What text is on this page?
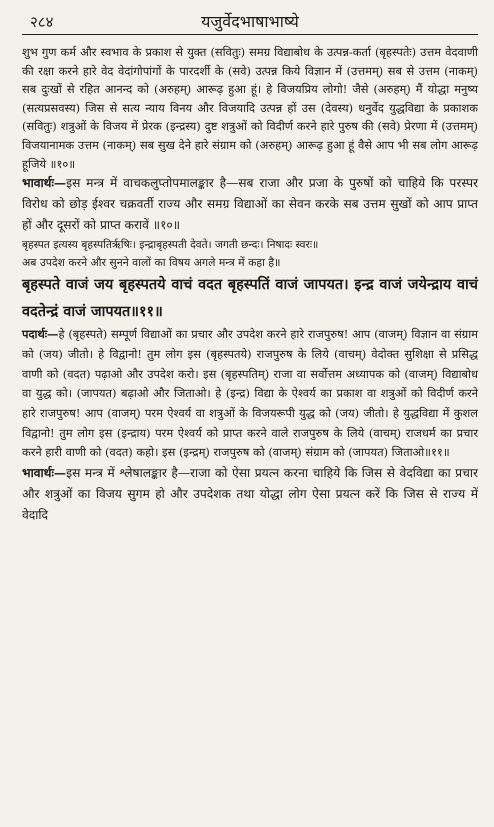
२८४	यजुर्वेदभाषाभाष्ये

शुभ गुण कर्म और स्वभाव के प्रकाश से युक्त (सवितुः) समग्र विद्याबोध के उत्पन्न-कर्ता (बृहस्पतेः) उत्तम वेदवाणी की रक्षा करने हारे वेद वेदांगोपांगों के पारदर्शी के (सवे) उत्पन्न किये विज्ञान में (उत्तमम्) सब से उत्तम (नाकम्) सब दुःखों से रहित आनन्द को (अरुहम्) आरूढ़ हुआ हूं। हे विजयप्रिय लोगो! जैसे (अरुहम्) मैं योद्धा मनुष्य (सत्यप्रसवस्य) जिस से सत्य न्याय विनय और विजयादि उत्पन्न हों उस (देवस्य) धनुर्वेद युद्धविद्या के प्रकाशक (सवितुः) शत्रुओं के विजय में प्रेरक (इन्द्रस्य) दुष्ट शत्रुओं को विदीर्ण करने हारे पुरुष की (सवे) प्रेरणा में (उत्तमम्) विजयानामक उत्तम (नाकम्) सब सुख देने हारे संग्राम को (अरुहम्) आरूढ़ हुआ हूं वैसे आप भी सब लोग आरूढ़ हूजिये ॥१०॥

भावार्थः—इस मन्त्र में वाचकलुप्तोपमालङ्कार है—सब राजा और प्रजा के पुरुषों को चाहिये कि परस्पर विरोध को छोड़ ईश्वर चक्रवर्ती राज्य और समग्र विद्याओं का सेवन करके सब उत्तम सुखों को आप प्राप्त हों और दूसरों को प्राप्त करावें ॥१०॥

बृहस्पत इत्यस्य बृहस्पतिर्ऋषिः। इन्द्राबृहस्पती देवते। जगती छन्दः। निषादः स्वरः॥

अब उपदेश करने और सुनने वालों का विषय अगले मन्त्र में कहा है॥

बृहस्पते वाजं जय बृहस्पतये वाचं वदत बृहस्पतिं वाजं जापयत। इन्द्र वाजं जयेन्द्राय वाचं वदतेन्द्रं वाजं जापयत॥११॥

पदार्थः—हे (बृहस्पते) सम्पूर्ण विद्याओं का प्रचार और उपदेश करने हारे राजपुरुष! आप (वाजम्) विज्ञान वा संग्राम को (जय) जीतो। हे विद्वानो! तुम लोग इस (बृहस्पतये) राजपुरुष के लिये (वाचम्) वेदोक्त सुशिक्षा से प्रसिद्ध वाणी को (वदत) पढ़ाओ और उपदेश करो। इस (बृहस्पतिम्) राजा वा सर्वोत्तम अध्यापक को (वाजम्) विद्याबोध वा युद्ध को। (जापयत) बढ़ाओ और जिताओ। हे (इन्द्र) विद्या के ऐश्वर्य का प्रकाश वा शत्रुओं को विदीर्ण करने हारे राजपुरुष! आप (वाजम्) परम ऐश्वर्य वा शत्रुओं के विजयरूपी युद्ध को (जय) जीतो। हे युद्धविद्या में कुशल विद्वानो! तुम लोग इस (इन्द्राय) परम ऐश्वर्य को प्राप्त करने वाले राजपुरुष के लिये (वाचम्) राजधर्म का प्रचार करने हारी वाणी को (वदत) कहो। इस (इन्द्रम्) राजपुरुष को (वाजम्) संग्राम को (जापयत) जिताओ॥११॥

भावार्थः—इस मन्त्र में श्लेषालङ्कार है—राजा को ऐसा प्रयत्न करना चाहिये कि जिस से वेदविद्या का प्रचार और शत्रुओं का विजय सुगम हो और उपदेशक तथा योद्धा लोग ऐसा प्रयत्न करें कि जिस से राज्य में वेदादि
